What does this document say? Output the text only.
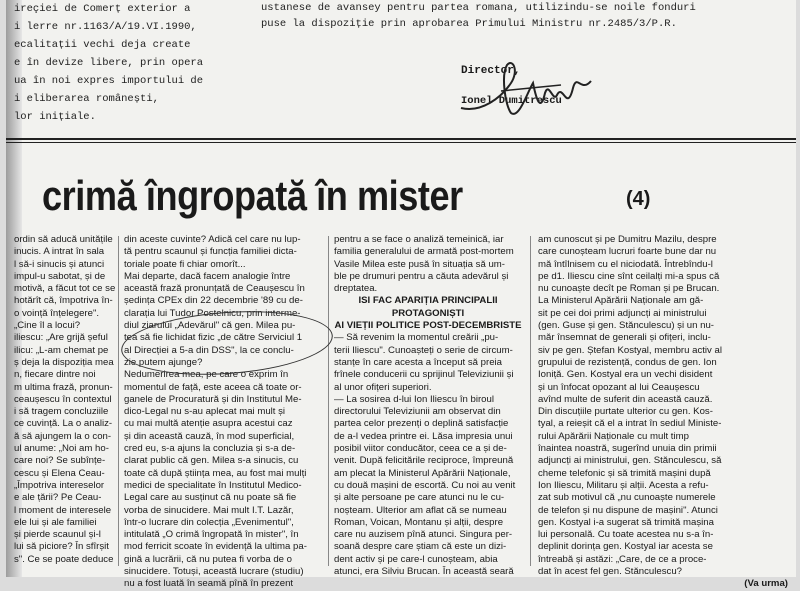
ireçiei de Comerț exterior a
i lerre nr.1163/A/19.VI.1990,
ecalitații vechi deja create
e în devize libere, prin opera
ua în noi expres importului de
i eliberarea românești,
lor inițiale.
ustanese de avansey pentru partea romana, utilizindu-se noile fonduri
puse la dispoziție prin aprobarea Primului Ministru nr.2485/3/P.R.
Director,
Ionel Dumitrescu
crimă îngropată în mister	(4)

ordin să aducă unitățile

inucis. A intrat în sala

l să-i sinucis și atunci

impul-u sabotat, și de

motivă, a făcut tot ce se

hotărît că, împotriva în-

o voință înțelegere".

„Cine îl a locui?

iliescu: „Are grijă șeful

ilicu: „L-am chemat pe

ș deja la dispoziția mea

n, fiecare dintre noi

m ultima frază, pronun-

ceaușescu în contextul

i să tragem concluziile

ce cuvință. La o analiz-

ă să ajungem la o con-

ul anume: „Noi am ho-

care noi? Se subînțe-

cescu și Elena Ceau-

„Împotriva intereselor

e ale țării? Pe Ceau-

l moment de interesele

ele lui și ale familiei

și pierde scaunul și-l

lui să piciore? În sfîrșit

s". Ce se poate deduce

din aceste cuvinte? Adică cel care nu lup-

tă pentru scaunul și funcția familiei dicta-

toriale poate fi chiar omorît...

Mai departe, dacă facem analogie între

această frază pronunțată de Ceaușescu în

ședința CPEx din 22 decembrie '89 cu de-

clarația lui Tudor Postelnicu, prin interme-

diul ziarului „Adevărul" că gen. Milea pu-

tea să fie lichidat fizic „de către Serviciul 1

al Direcției a 5-a din DSS", la ce conclu-

zie putem ajunge?

Nedumerirea mea, pe care o exprim în

momentul de față, este aceea că toate or-

ganele de Procuratură și din Institutul Me-

dico-Legal nu s-au aplecat mai mult și

cu mai multă atenție asupra acestui caz

și din această cauză, în mod superficial,

cred eu, s-a ajuns la concluzia și s-a de-

clarat public că gen. Milea s-a sinucis, cu

toate că după știința mea, au fost mai mulți

medici de specialitate în Institutul Medico-

Legal care au susținut că nu poate să fie

vorba de sinucidere. Mai mult I.T. Lazăr,

într-o lucrare din colecția „Evenimentul",

intitulată „O crimă îngropată în mister", în

mod ferricit scoate în evidență la ultima pa-

gină a lucrării, că nu putea fi vorba de o

sinucidere. Totuși, această lucrare (studiu)

nu a fost luată în seamă pînă în prezent

pentru a se face o analiză temeinică, iar

familia generalului de armată post-mortem

Vasile Milea este pusă în situația să um-

ble pe drumuri pentru a căuta adevărul și

dreptatea.

ISI FAC APARIȚIA PRINCIPALII

PROTAGONIȘTI

AI VIEȚII POLITICE POST-DECEMBRISTE

— Să revenim la momentul creării „pu-

terii Iliescu". Cunoașteți o serie de circum-

stanțe în care acesta a început să preia

frînele conducerii cu sprijinul Televiziunii și

al unor ofițeri superiori.

— La sosirea d-lui Ion Iliescu în biroul

directorului Televiziunii am observat din

partea celor prezenți o deplină satisfacție

de a-l vedea printre ei. Lăsa impresia unui

posibil viitor conducător, ceea ce a și de-

venit. După felicitările reciproce, împreună

am plecat la Ministerul Apărării Naționale,

cu două mașini de escortă. Cu noi au venit

și alte persoane pe care atunci nu le cu-

noșteam. Ulterior am aflat că se numeau

Roman, Voican, Montanu și alții, despre

care nu auzisem pînă atunci. Singura per-

soană despre care știam că este un dizi-

dent activ și pe care-l cunoșteam, abia

atunci, era Silviu Brucan. În această seară

am cunoscut și pe Dumitru Mazilu, despre

care cunoșteam lucruri foarte bune dar nu

mă întîlnisem cu el niciodată. Întrebîndu-l

pe d1. Iliescu cine sînt ceilalți mi-a spus că

nu cunoaște decît pe Roman și pe Brucan.

La Ministerul Apărării Naționale am gă-

sit pe cei doi primi adjuncți ai ministrului

(gen. Guse și gen. Stănculescu) și un nu-

măr însemnat de generali și ofițeri, inclu-

siv pe gen. Ștefan Kostyal, membru activ al

grupului de rezistență, condus de gen. Ion

Ioniță. Gen. Kostyal era un vechi disident

și un înfocat opozant al lui Ceaușescu

avînd multe de suferit din această cauză.

Din discuțiile purtate ulterior cu gen. Kos-

tyal, a reieșit că el a intrat în sediul Ministe-

rului Apărării Naționale cu mult timp

înaintea noastră, sugerînd unuia din primii

adjuncți ai ministrului, gen. Stănculescu, să

cheme telefonic și să trimită mașini după

Ion Iliescu, Militaru și alții. Acesta a refu-

zat sub motivul că „nu cunoaște numerele

de telefon și nu dispune de mașini". Atunci

gen. Kostyal i-a sugerat să trimită mașina

lui personală. Cu toate acestea nu s-a în-

deplinit dorința gen. Kostyal iar acesta se

întreabă și astăzi: „Care, de ce a proce-

dat în acest fel gen. Stănculescu?

(Va urma)
